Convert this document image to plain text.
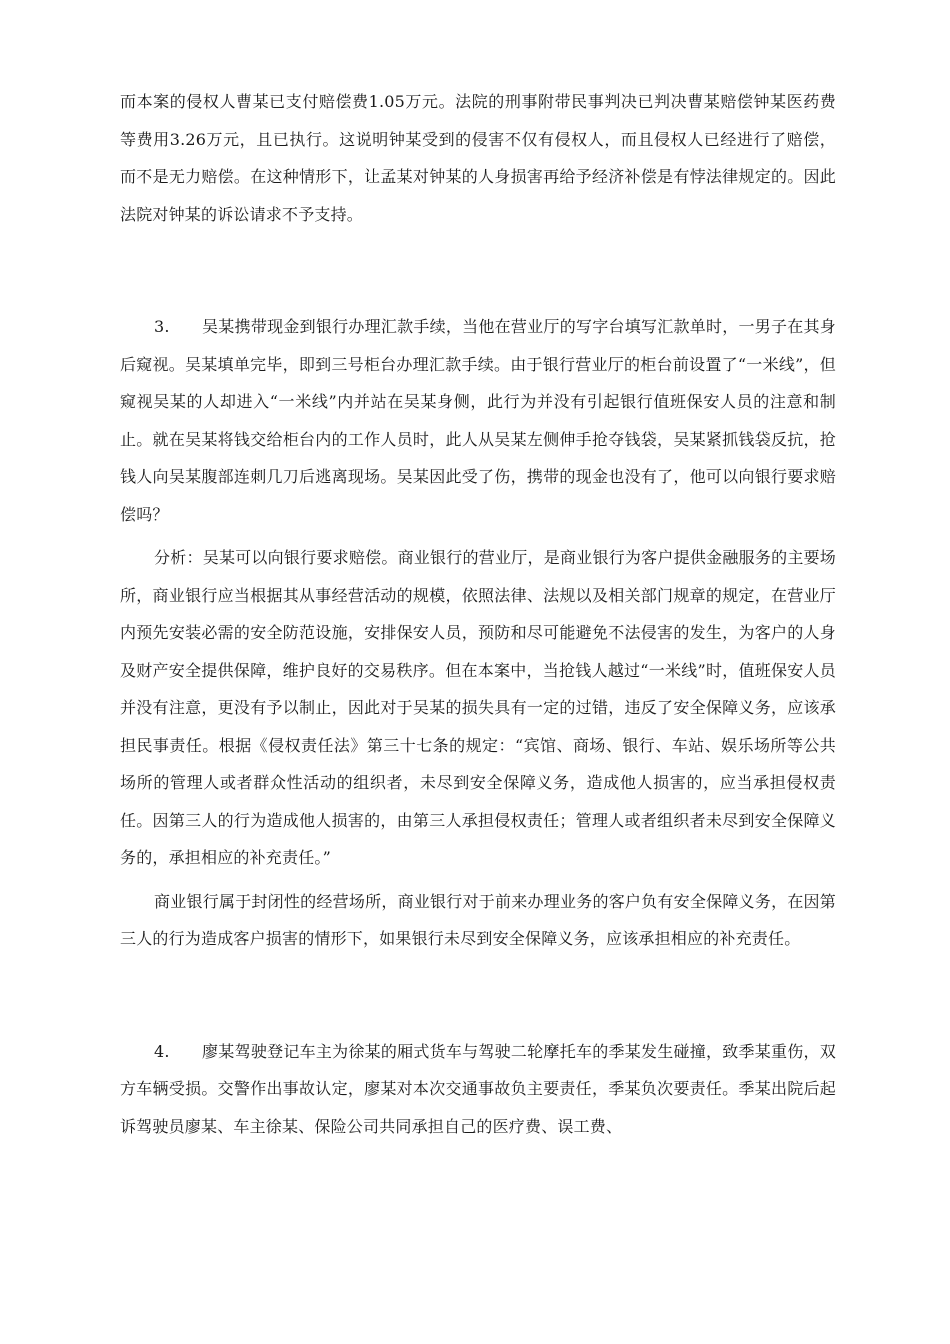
而本案的侵权人曹某已支付赔偿费1.05万元。法院的刑事附带民事判决已判决曹某赔偿钟某医药费等费用3.26万元，且已执行。这说明钟某受到的侵害不仅有侵权人，而且侵权人已经进行了赔偿，而不是无力赔偿。在这种情形下，让孟某对钟某的人身损害再给予经济补偿是有悖法律规定的。因此法院对钟某的诉讼请求不予支持。

3. 吴某携带现金到银行办理汇款手续，当他在营业厅的写字台填写汇款单时，一男子在其身后窥视。吴某填单完毕，即到三号柜台办理汇款手续。由于银行营业厅的柜台前设置了“一米线”，但窥视吴某的人却进入“一米线”内并站在吴某身侧，此行为并没有引起银行值班保安人员的注意和制止。就在吴某将钱交给柜台内的工作人员时，此人从吴某左侧伸手抢夺钱袋，吴某紧抓钱袋反抗，抢钱人向吴某腹部连刺几刀后逃离现场。吴某因此受了伤，携带的现金也没有了，他可以向银行要求赔偿吗？

分析：吴某可以向银行要求赔偿。商业银行的营业厅，是商业银行为客户提供金融服务的主要场所，商业银行应当根据其从事经营活动的规模，依照法律、法规以及相关部门规章的规定，在营业厅内预先安装必需的安全防范设施，安排保安人员，预防和尽可能避免不法侵害的发生，为客户的人身及财产安全提供保障，维护良好的交易秩序。但在本案中，当抢钱人越过“一米线”时，值班保安人员并没有注意，更没有予以制止，因此对于吴某的损失具有一定的过错，违反了安全保障义务，应该承担民事责任。根据《侵权责任法》第三十七条的规定：“宾馆、商场、银行、车站、娱乐场所等公共场所的管理人或者群众性活动的组织者，未尽到安全保障义务，造成他人损害的，应当承担侵权责任。因第三人的行为造成他人损害的，由第三人承担侵权责任；管理人或者组织者未尽到安全保障义务的，承担相应的补充责任。”

商业银行属于封闭性的经营场所，商业银行对于前来办理业务的客户负有安全保障义务，在因第三人的行为造成客户损害的情形下，如果银行未尽到安全保障义务，应该承担相应的补充责任。

4. 廖某驾驶登记车主为徐某的厢式货车与驾驶二轮摩托车的季某发生碰撞，致季某重伤，双方车辆受损。交警作出事故认定，廖某对本次交通事故负主要责任，季某负次要责任。季某出院后起诉驾驶员廖某、车主徐某、保险公司共同承担自己的医疗费、误工费、
